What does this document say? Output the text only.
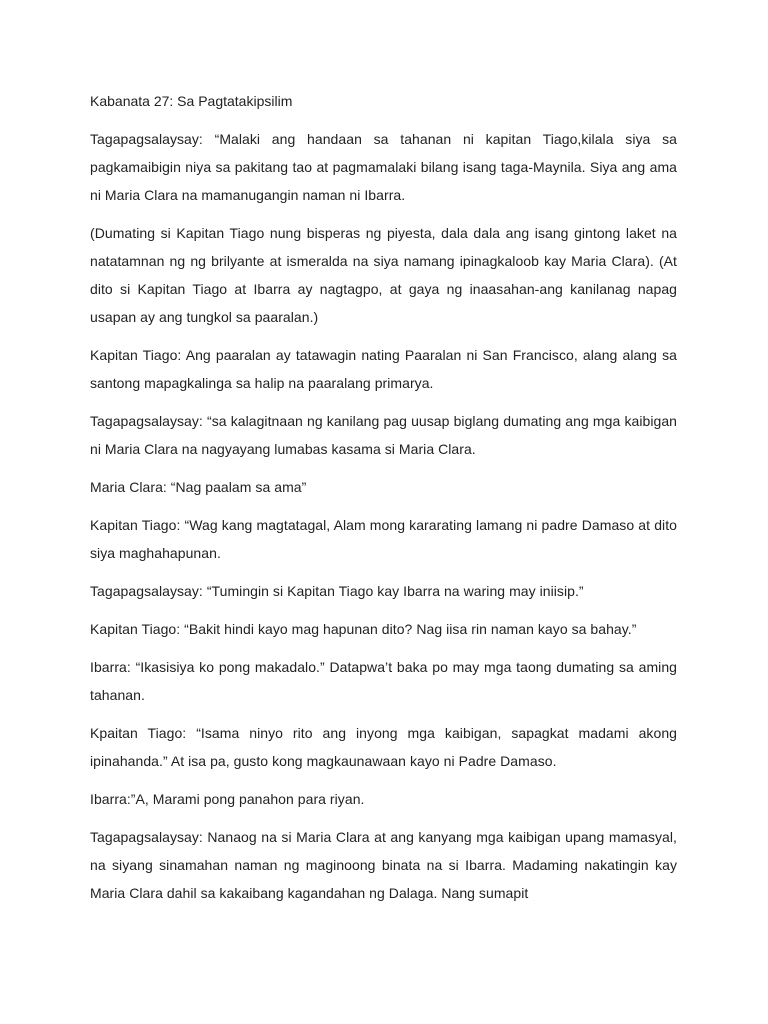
Kabanata 27: Sa Pagtatakipsilim

Tagapagsalaysay: “Malaki ang handaan sa tahanan ni kapitan Tiago,kilala siya sa pagkamaibigin niya sa pakitang tao at pagmamalaki bilang isang taga-Maynila. Siya ang ama ni Maria Clara na mamanugangin naman ni Ibarra.

(Dumating si Kapitan Tiago nung bisperas ng piyesta, dala dala ang isang gintong laket na natatamnan ng ng brilyante at ismeralda na siya namang ipinagkaloob kay Maria Clara). (At dito si Kapitan Tiago at Ibarra ay nagtagpo, at gaya ng inaasahan-ang kanilanag napag usapan ay ang tungkol sa paaralan.)

Kapitan Tiago: Ang paaralan ay tatawagin nating Paaralan ni San Francisco, alang alang sa santong mapagkalinga sa halip na paaralang primarya.

Tagapagsalaysay: “sa kalagitnaan ng kanilang pag uusap biglang dumating ang mga kaibigan ni Maria Clara na nagyayang lumabas kasama si Maria Clara.

Maria Clara: “Nag paalam sa ama”

Kapitan Tiago: “Wag kang magtatagal, Alam mong kararating lamang ni padre Damaso at dito siya maghahapunan.

Tagapagsalaysay: “Tumingin si Kapitan Tiago kay Ibarra na waring may iniisip.”

Kapitan Tiago: “Bakit hindi kayo mag hapunan dito? Nag iisa rin naman kayo sa bahay.”

Ibarra: “Ikasisiya ko pong makadalo.” Datapwa’t baka po may mga taong dumating sa aming tahanan.

Kpaitan Tiago: “Isama ninyo rito ang inyong mga kaibigan, sapagkat madami akong ipinahanda.” At isa pa, gusto kong magkaunawaan kayo ni Padre Damaso.

Ibarra:”A, Marami pong panahon para riyan.

Tagapagsalaysay: Nanaog na si Maria Clara at ang kanyang mga kaibigan upang mamasyal, na siyang sinamahan naman ng maginoong binata na si Ibarra. Madaming nakatingin kay Maria Clara dahil sa kakaibang kagandahan ng Dalaga. Nang sumapit
